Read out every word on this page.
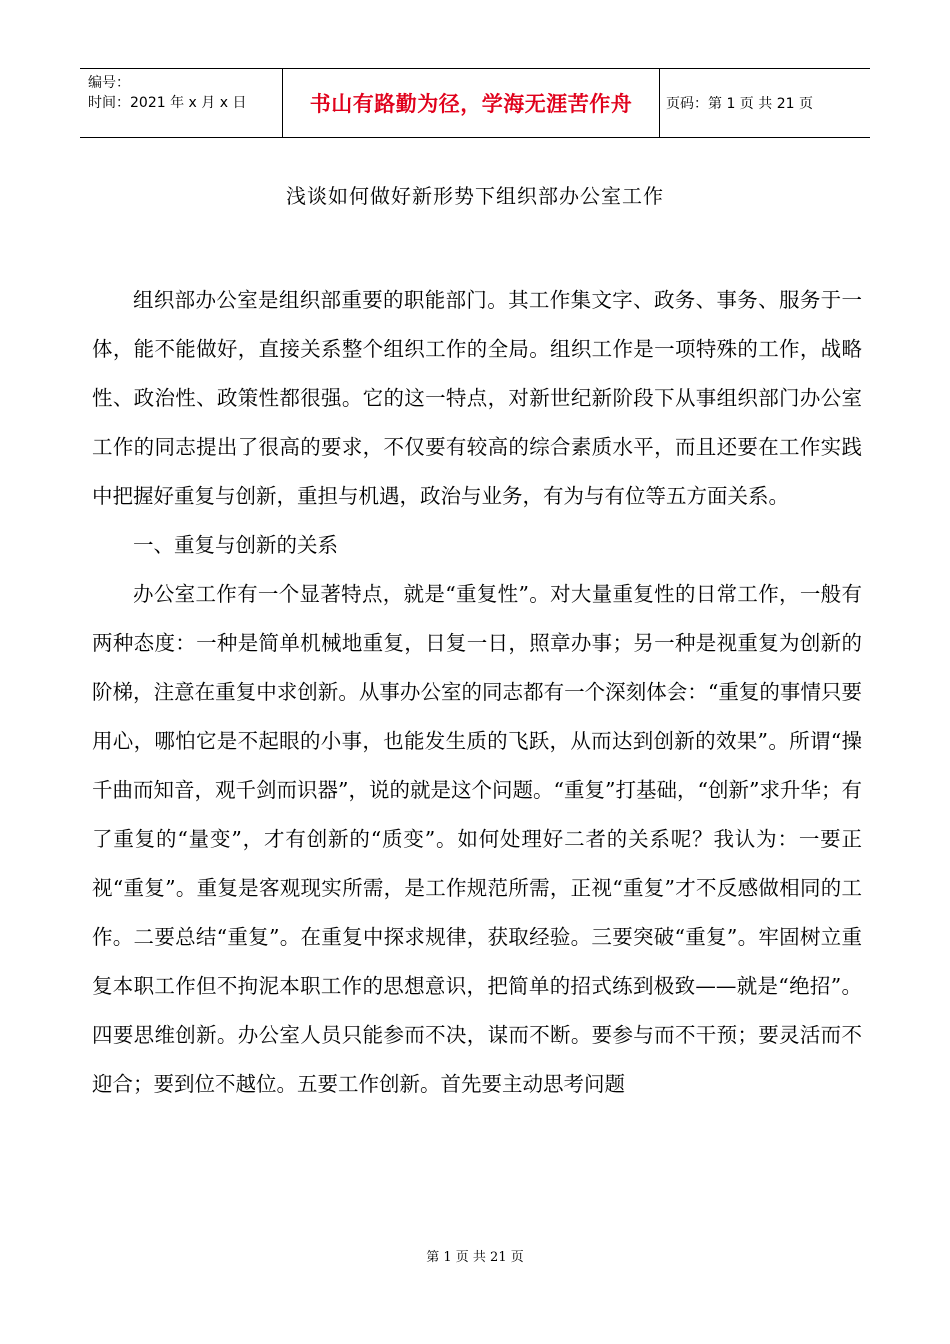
编号：
时间：2021 年 x 月 x 日	书山有路勤为径，学海无涯苦作舟 页码：第 1 页 共 21 页
浅谈如何做好新形势下组织部办公室工作

组织部办公室是组织部重要的职能部门。其工作集文字、政务、事务、服务于一体，能不能做好，直接关系整个组织工作的全局。组织工作是一项特殊的工作，战略性、政治性、政策性都很强。它的这一特点，对新世纪新阶段下从事组织部门办公室工作的同志提出了很高的要求，不仅要有较高的综合素质水平，而且还要在工作实践中把握好重复与创新，重担与机遇，政治与业务，有为与有位等五方面关系。

一、重复与创新的关系

办公室工作有一个显著特点，就是“重复性”。对大量重复性的日常工作，一般有两种态度：一种是简单机械地重复，日复一日，照章办事；另一种是视重复为创新的阶梯，注意在重复中求创新。从事办公室的同志都有一个深刻体会：“重复的事情只要用心，哪怕它是不起眼的小事，也能发生质的飞跃，从而达到创新的效果”。所谓“操千曲而知音，观千剑而识器”，说的就是这个问题。“重复”打基础，“创新”求升华；有了重复的“量变”，才有创新的“质变”。如何处理好二者的关系呢？我认为：一要正视“重复”。重复是客观现实所需，是工作规范所需，正视“重复”才不反感做相同的工作。二要总结“重复”。在重复中探求规律，获取经验。三要突破“重复”。牢固树立重复本职工作但不拘泥本职工作的思想意识，把简单的招式练到极致——就是“绝招”。四要思维创新。办公室人员只能参而不决，谋而不断。要参与而不干预；要灵活而不迎合；要到位不越位。五要工作创新。首先要主动思考问题

第 1 页 共 21 页
